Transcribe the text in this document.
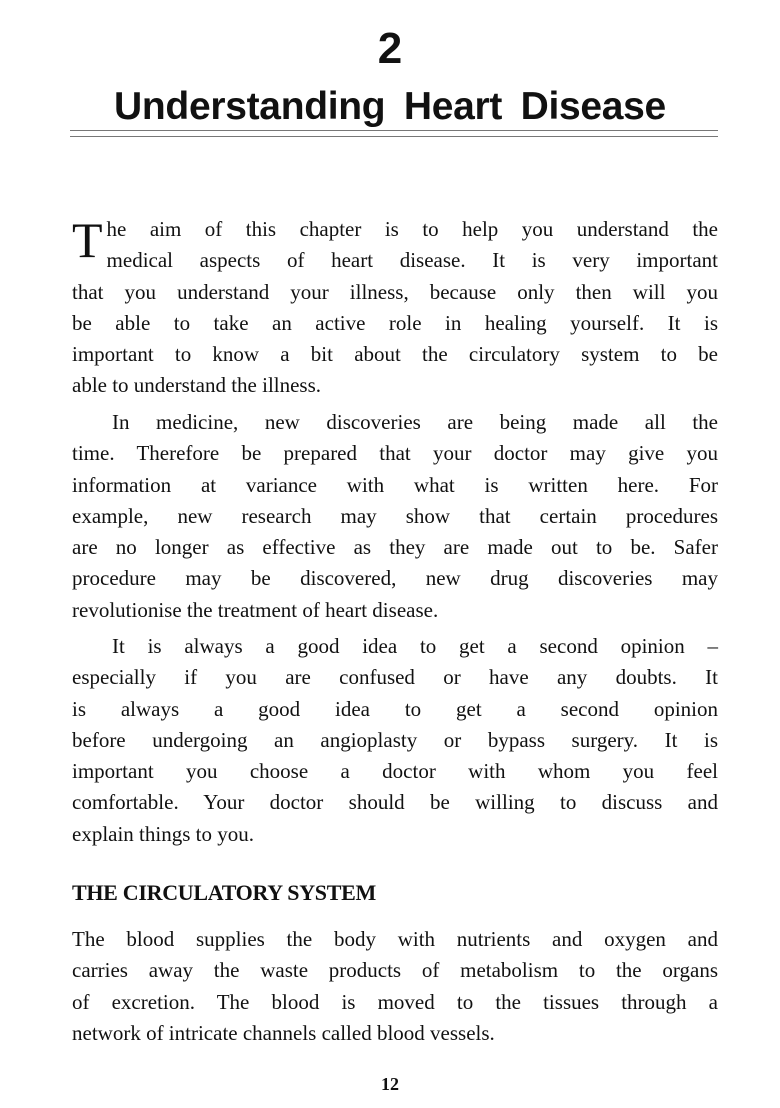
2
Understanding Heart Disease
T he aim of this chapter is to help you understand the
medical aspects of heart disease. It is very important
that you understand your illness, because only then will you
be able to take an active role in healing yourself. It is
important to know a bit about the circulatory system to be
able to understand the illness.
In medicine, new discoveries are being made all the
time. Therefore be prepared that your doctor may give you
information at variance with what is written here. For
example, new research may show that certain procedures
are no longer as effective as they are made out to be. Safer
procedure may be discovered, new drug discoveries may
revolutionise the treatment of heart disease.
It is always a good idea to get a second opinion –
especially if you are confused or have any doubts. It
is always a good idea to get a second opinion
before undergoing an angioplasty or bypass surgery. It is
important you choose a doctor with whom you feel
comfortable. Your doctor should be willing to discuss and
explain things to you.
THE CIRCULATORY SYSTEM
The blood supplies the body with nutrients and oxygen and
carries away the waste products of metabolism to the organs
of excretion. The blood is moved to the tissues through a
network of intricate channels called blood vessels.
12
